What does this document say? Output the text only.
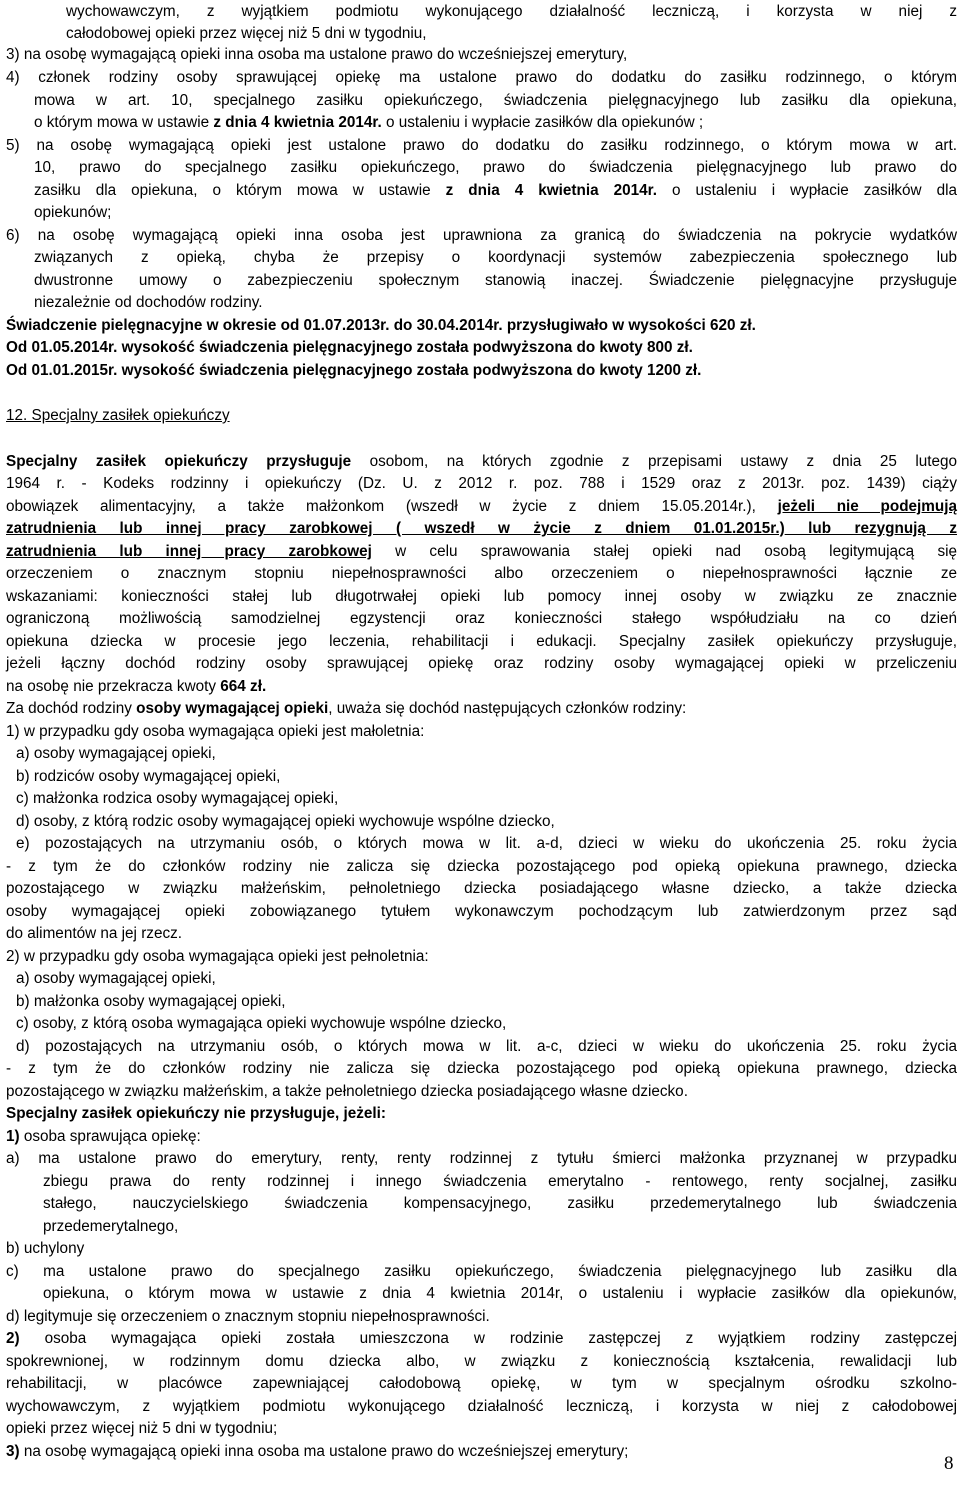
wychowawczym, z wyjątkiem podmiotu wykonującego działalność leczniczą, i korzysta w niej z
całodobowej opieki przez więcej niż 5 dni w tygodniu,
3) na osobę wymagającą opieki inna osoba ma ustalone prawo do wcześniejszej emerytury,
4) członek rodziny osoby sprawującej opiekę ma ustalone prawo do dodatku do zasiłku rodzinnego, o którym
mowa w art. 10, specjalnego zasiłku opiekuńczego, świadczenia pielęgnacyjnego lub zasiłku dla opiekuna,
o którym mowa w ustawie z dnia 4 kwietnia 2014r. o ustaleniu i wypłacie zasiłków dla opiekunów ;
5) na osobę wymagającą opieki jest ustalone prawo do dodatku do zasiłku rodzinnego, o którym mowa w art.
10, prawo do specjalnego zasiłku opiekuńczego, prawo do świadczenia pielęgnacyjnego lub prawo do
zasiłku dla opiekuna, o którym mowa w ustawie z dnia 4 kwietnia 2014r. o ustaleniu i wypłacie zasiłków dla
opiekunów;
6) na osobę wymagającą opieki inna osoba jest uprawniona za granicą do świadczenia na pokrycie wydatków
związanych z opieką, chyba że przepisy o koordynacji systemów zabezpieczenia społecznego lub
dwustronne umowy o zabezpieczeniu społecznym stanowią inaczej. Świadczenie pielęgnacyjne przysługuje
niezależnie od dochodów rodziny.
Świadczenie pielęgnacyjne w okresie od 01.07.2013r. do 30.04.2014r. przysługiwało w wysokości 620 zł.
Od 01.05.2014r. wysokość świadczenia pielęgnacyjnego została podwyższona do kwoty 800 zł.
Od 01.01.2015r. wysokość świadczenia pielęgnacyjnego została podwyższona do kwoty 1200 zł.
12. Specjalny zasiłek opiekuńczy
Specjalny zasiłek opiekuńczy przysługuje osobom, na których zgodnie z przepisami ustawy z dnia 25 lutego
1964 r. - Kodeks rodzinny i opiekuńczy (Dz. U. z 2012 r. poz. 788 i 1529 oraz z 2013r. poz. 1439) ciąży
obowiązek alimentacyjny, a także małżonkom (wszedł w życie z dniem 15.05.2014r.), jeżeli nie podejmują
zatrudnienia lub innej pracy zarobkowej ( wszedł w życie z dniem 01.01.2015r.) lub rezygnują z
zatrudnienia lub innej pracy zarobkowej w celu sprawowania stałej opieki nad osobą legitymującą się
orzeczeniem o znacznym stopniu niepełnosprawności albo orzeczeniem o niepełnosprawności łącznie ze
wskazaniami: konieczności stałej lub długotrwałej opieki lub pomocy innej osoby w związku ze znacznie
ograniczoną możliwością samodzielnej egzystencji oraz konieczności stałego współudziału na co dzień
opiekuna dziecka w procesie jego leczenia, rehabilitacji i edukacji. Specjalny zasiłek opiekuńczy przysługuje,
jeżeli łączny dochód rodziny osoby sprawującej opiekę oraz rodziny osoby wymagającej opieki w przeliczeniu
na osobę nie przekracza kwoty 664 zł.
Za dochód rodziny osoby wymagającej opieki, uważa się dochód następujących członków rodziny:
1) w przypadku gdy osoba wymagająca opieki jest małoletnia:
a) osoby wymagającej opieki,
b) rodziców osoby wymagającej opieki,
c) małżonka rodzica osoby wymagającej opieki,
d) osoby, z którą rodzic osoby wymagającej opieki wychowuje wspólne dziecko,
e) pozostających na utrzymaniu osób, o których mowa w lit. a-d, dzieci w wieku do ukończenia 25. roku życia
- z tym że do członków rodziny nie zalicza się dziecka pozostającego pod opieką opiekuna prawnego, dziecka
pozostającego w związku małżeńskim, pełnoletniego dziecka posiadającego własne dziecko, a także dziecka
osoby wymagającej opieki zobowiązanego tytułem wykonawczym pochodzącym lub zatwierdzonym przez sąd
do alimentów na jej rzecz.
2) w przypadku gdy osoba wymagająca opieki jest pełnoletnia:
a) osoby wymagającej opieki,
b) małżonka osoby wymagającej opieki,
c) osoby, z którą osoba wymagająca opieki wychowuje wspólne dziecko,
d) pozostających na utrzymaniu osób, o których mowa w lit. a-c, dzieci w wieku do ukończenia 25. roku życia
- z tym że do członków rodziny nie zalicza się dziecka pozostającego pod opieką opiekuna prawnego, dziecka
pozostającego w związku małżeńskim, a także pełnoletniego dziecka posiadającego własne dziecko.
Specjalny zasiłek opiekuńczy nie przysługuje, jeżeli:
1) osoba sprawująca opiekę:
a) ma ustalone prawo do emerytury, renty, renty rodzinnej z tytułu śmierci małżonka przyznanej w przypadku
zbiegu prawa do renty rodzinnej i innego świadczenia emerytalno - rentowego, renty socjalnej, zasiłku
stałego, nauczycielskiego świadczenia kompensacyjnego, zasiłku przedemerytalnego lub świadczenia
przedemerytalnego,
b) uchylony
c) ma ustalone prawo do specjalnego zasiłku opiekuńczego, świadczenia pielęgnacyjnego lub zasiłku dla
opiekuna, o którym mowa w ustawie z dnia 4 kwietnia 2014r, o ustaleniu i wypłacie zasiłków dla opiekunów,
d) legitymuje się orzeczeniem o znacznym stopniu niepełnosprawności.
2) osoba wymagająca opieki została umieszczona w rodzinie zastępczej z wyjątkiem rodziny zastępczej
spokrewnionej, w rodzinnym domu dziecka albo, w związku z koniecznością kształcenia, rewalidacji lub
rehabilitacji, w placówce zapewniającej całodobową opiekę, w tym w specjalnym ośrodku szkolno-
wychowawczym, z wyjątkiem podmiotu wykonującego działalność leczniczą, i korzysta w niej z całodobowej
opieki przez więcej niż 5 dni w tygodniu;
3) na osobę wymagającą opieki inna osoba ma ustalone prawo do wcześniejszej emerytury;
8
